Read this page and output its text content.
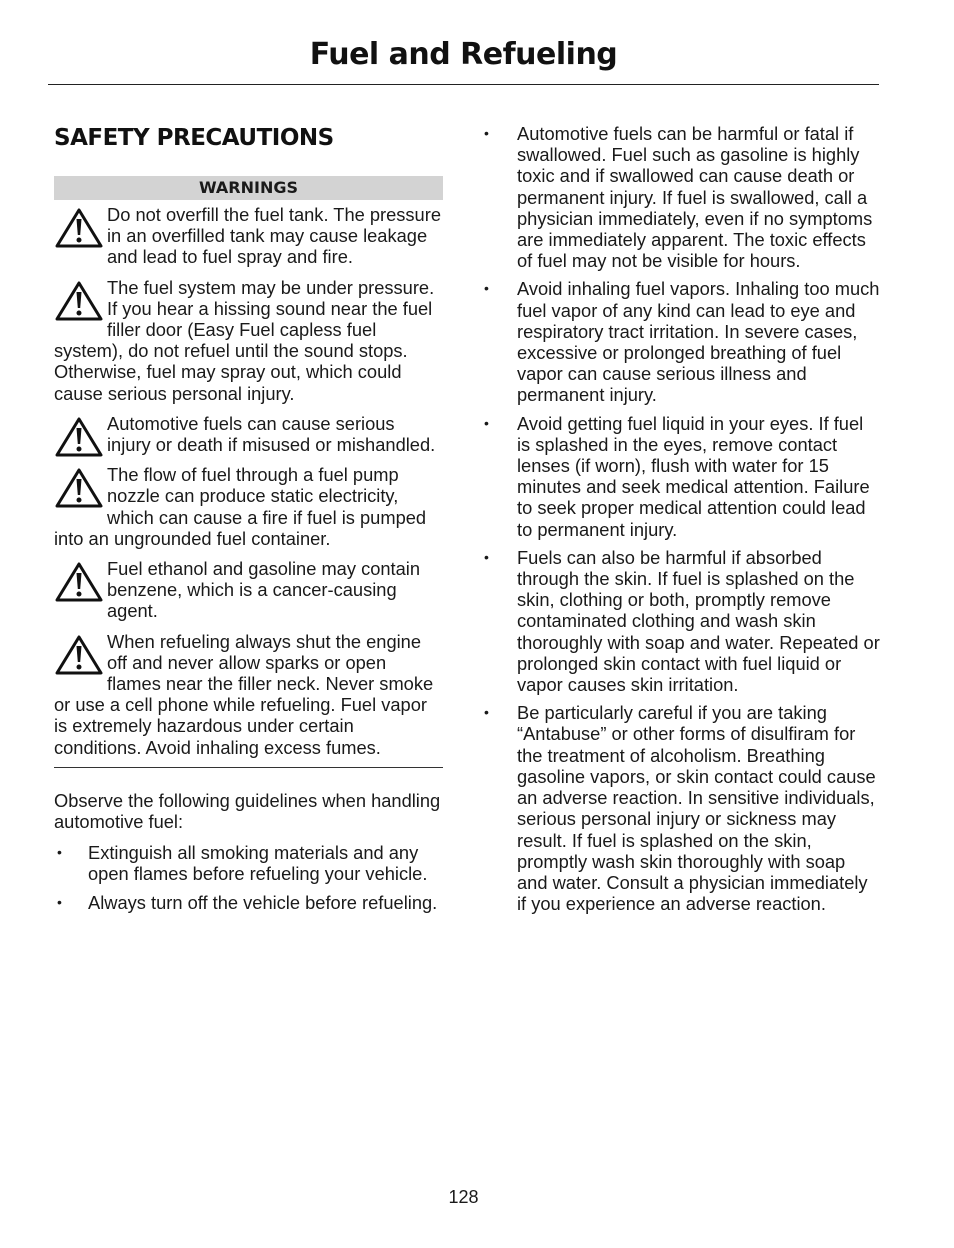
Fuel and Refueling
SAFETY PRECAUTIONS
WARNINGS
Do not overfill the fuel tank. The pressure in an overfilled tank may cause leakage and lead to fuel spray and fire.
The fuel system may be under pressure. If you hear a hissing sound near the fuel filler door (Easy Fuel capless fuel system), do not refuel until the sound stops. Otherwise, fuel may spray out, which could cause serious personal injury.
Automotive fuels can cause serious injury or death if misused or mishandled.
The flow of fuel through a fuel pump nozzle can produce static electricity, which can cause a fire if fuel is pumped into an ungrounded fuel container.
Fuel ethanol and gasoline may contain benzene, which is a cancer-causing agent.
When refueling always shut the engine off and never allow sparks or open flames near the filler neck. Never smoke or use a cell phone while refueling. Fuel vapor is extremely hazardous under certain conditions. Avoid inhaling excess fumes.

Observe the following guidelines when handling automotive fuel:

• Extinguish all smoking materials and any open flames before refueling your vehicle.
• Always turn off the vehicle before refueling.
• Automotive fuels can be harmful or fatal if swallowed. Fuel such as gasoline is highly toxic and if swallowed can cause death or permanent injury. If fuel is swallowed, call a physician immediately, even if no symptoms are immediately apparent. The toxic effects of fuel may not be visible for hours.
• Avoid inhaling fuel vapors. Inhaling too much fuel vapor of any kind can lead to eye and respiratory tract irritation. In severe cases, excessive or prolonged breathing of fuel vapor can cause serious illness and permanent injury.
• Avoid getting fuel liquid in your eyes. If fuel is splashed in the eyes, remove contact lenses (if worn), flush with water for 15 minutes and seek medical attention. Failure to seek proper medical attention could lead to permanent injury.
• Fuels can also be harmful if absorbed through the skin. If fuel is splashed on the skin, clothing or both, promptly remove contaminated clothing and wash skin thoroughly with soap and water. Repeated or prolonged skin contact with fuel liquid or vapor causes skin irritation.
• Be particularly careful if you are taking “Antabuse” or other forms of disulfiram for the treatment of alcoholism. Breathing gasoline vapors, or skin contact could cause an adverse reaction. In sensitive individuals, serious personal injury or sickness may result. If fuel is splashed on the skin, promptly wash skin thoroughly with soap and water. Consult a physician immediately if you experience an adverse reaction.
128
